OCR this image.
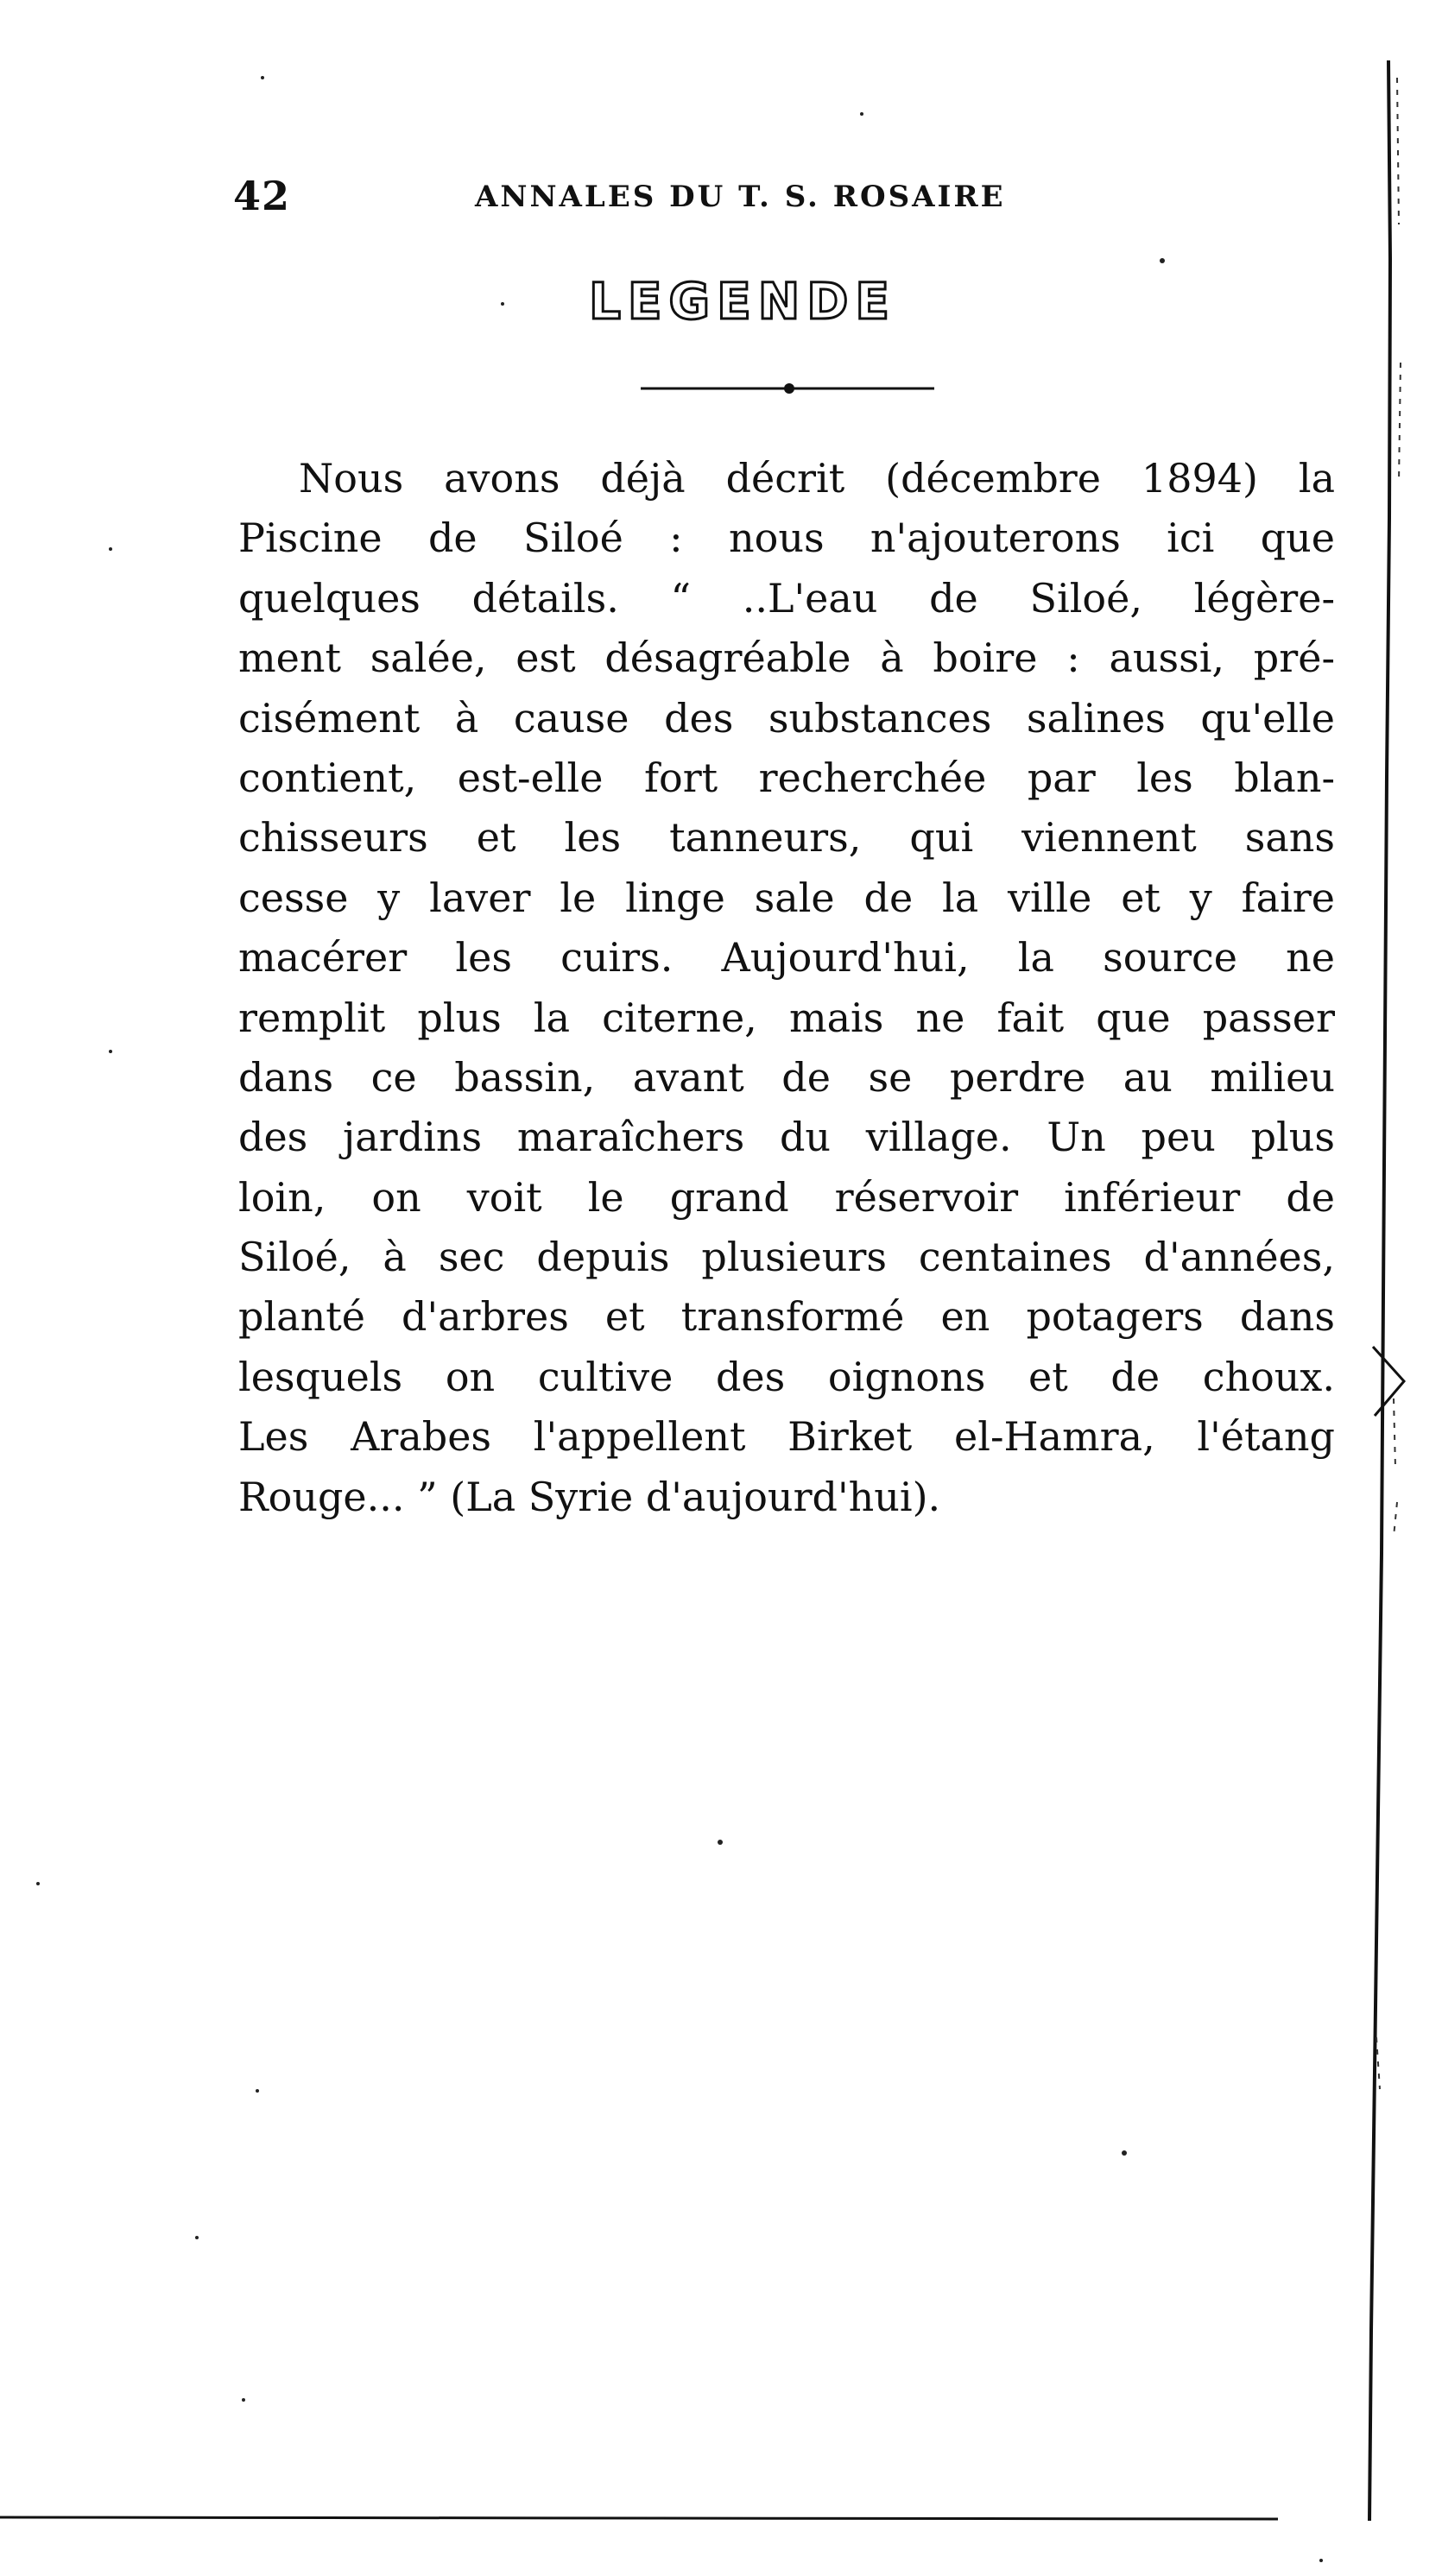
42	ANNALES DU T. S. ROSAIRE
LEGENDE
Nous avons déjà décrit (décembre 1894) la
Piscine de Siloé : nous n'ajouterons ici que
quelques détails. “ ..L'eau de Siloé, légère-
ment salée, est désagréable à boire : aussi, pré-
cisément à cause des substances salines qu'elle
contient, est-elle fort recherchée par les blan-
chisseurs et les tanneurs, qui viennent sans
cesse y laver le linge sale de la ville et y faire
macérer les cuirs. Aujourd'hui, la source ne
remplit plus la citerne, mais ne fait que passer
dans ce bassin, avant de se perdre au milieu
des jardins maraîchers du village. Un peu plus
loin, on voit le grand réservoir inférieur de
Siloé, à sec depuis plusieurs centaines d'années,
planté d'arbres et transformé en potagers dans
lesquels on cultive des oignons et de choux.
Les Arabes l'appellent Birket el-Hamra, l'étang
Rouge... ” (La Syrie d'aujourd'hui).
